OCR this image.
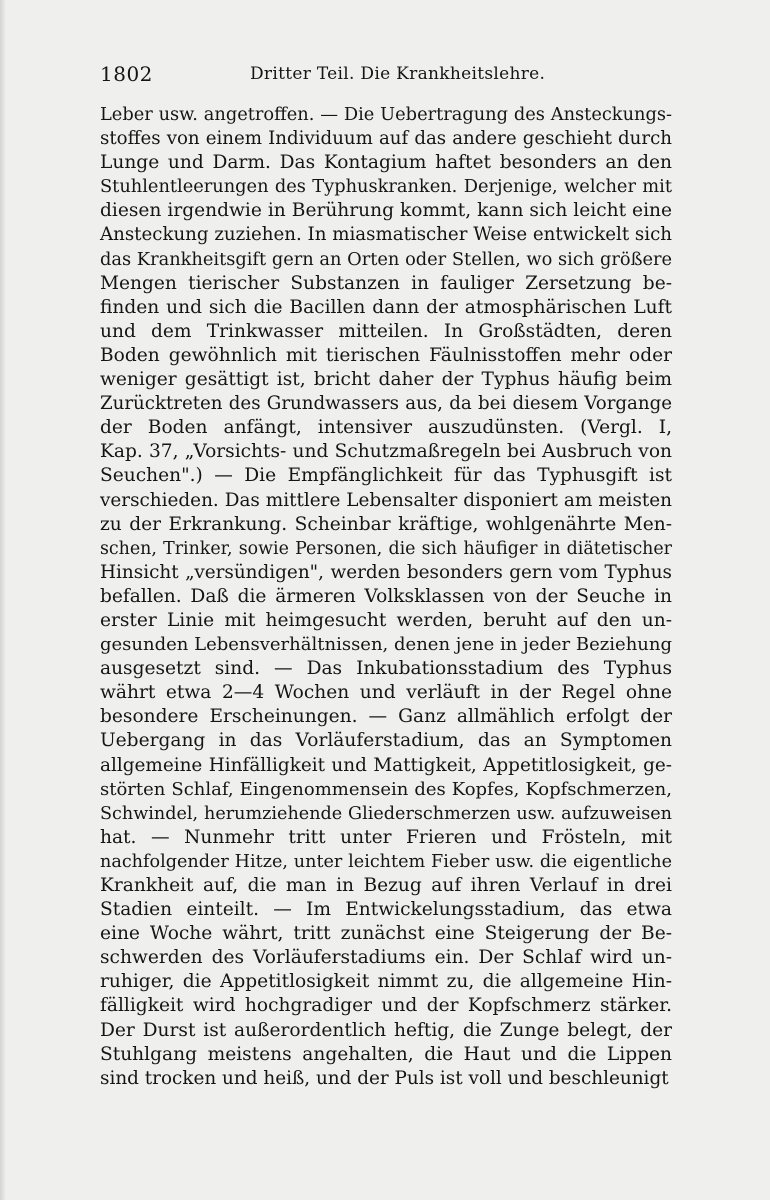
1802	Dritter Teil. Die Krankheitslehre.
Leber usw. angetroffen. — Die Uebertragung des Ansteckungs-
stoffes von einem Individuum auf das andere geschieht durch
Lunge und Darm. Das Kontagium haftet besonders an den
Stuhlentleerungen des Typhuskranken. Derjenige, welcher mit
diesen irgendwie in Berührung kommt, kann sich leicht eine
Ansteckung zuziehen. In miasmatischer Weise entwickelt sich
das Krankheitsgift gern an Orten oder Stellen, wo sich größere
Mengen tierischer Substanzen in fauliger Zersetzung be-
finden und sich die Bacillen dann der atmosphärischen Luft
und dem Trinkwasser mitteilen. In Großstädten, deren
Boden gewöhnlich mit tierischen Fäulnisstoffen mehr oder
weniger gesättigt ist, bricht daher der Typhus häufig beim
Zurücktreten des Grundwassers aus, da bei diesem Vorgange
der Boden anfängt, intensiver auszudünsten. (Vergl. I,
Kap. 37, „Vorsichts- und Schutzmaßregeln bei Ausbruch von
Seuchen".) — Die Empfänglichkeit für das Typhusgift ist
verschieden. Das mittlere Lebensalter disponiert am meisten
zu der Erkrankung. Scheinbar kräftige, wohlgenährte Men-
schen, Trinker, sowie Personen, die sich häufiger in diätetischer
Hinsicht „versündigen", werden besonders gern vom Typhus
befallen. Daß die ärmeren Volksklassen von der Seuche in
erster Linie mit heimgesucht werden, beruht auf den un-
gesunden Lebensverhältnissen, denen jene in jeder Beziehung
ausgesetzt sind. — Das Inkubationsstadium des Typhus
währt etwa 2—4 Wochen und verläuft in der Regel ohne
besondere Erscheinungen. — Ganz allmählich erfolgt der
Uebergang in das Vorläuferstadium, das an Symptomen
allgemeine Hinfälligkeit und Mattigkeit, Appetitlosigkeit, ge-
störten Schlaf, Eingenommensein des Kopfes, Kopfschmerzen,
Schwindel, herumziehende Gliederschmerzen usw. aufzuweisen
hat. — Nunmehr tritt unter Frieren und Frösteln, mit
nachfolgender Hitze, unter leichtem Fieber usw. die eigentliche
Krankheit auf, die man in Bezug auf ihren Verlauf in drei
Stadien einteilt. — Im Entwickelungsstadium, das etwa
eine Woche währt, tritt zunächst eine Steigerung der Be-
schwerden des Vorläuferstadiums ein. Der Schlaf wird un-
ruhiger, die Appetitlosigkeit nimmt zu, die allgemeine Hin-
fälligkeit wird hochgradiger und der Kopfschmerz stärker.
Der Durst ist außerordentlich heftig, die Zunge belegt, der
Stuhlgang meistens angehalten, die Haut und die Lippen
sind trocken und heiß, und der Puls ist voll und beschleunigt
